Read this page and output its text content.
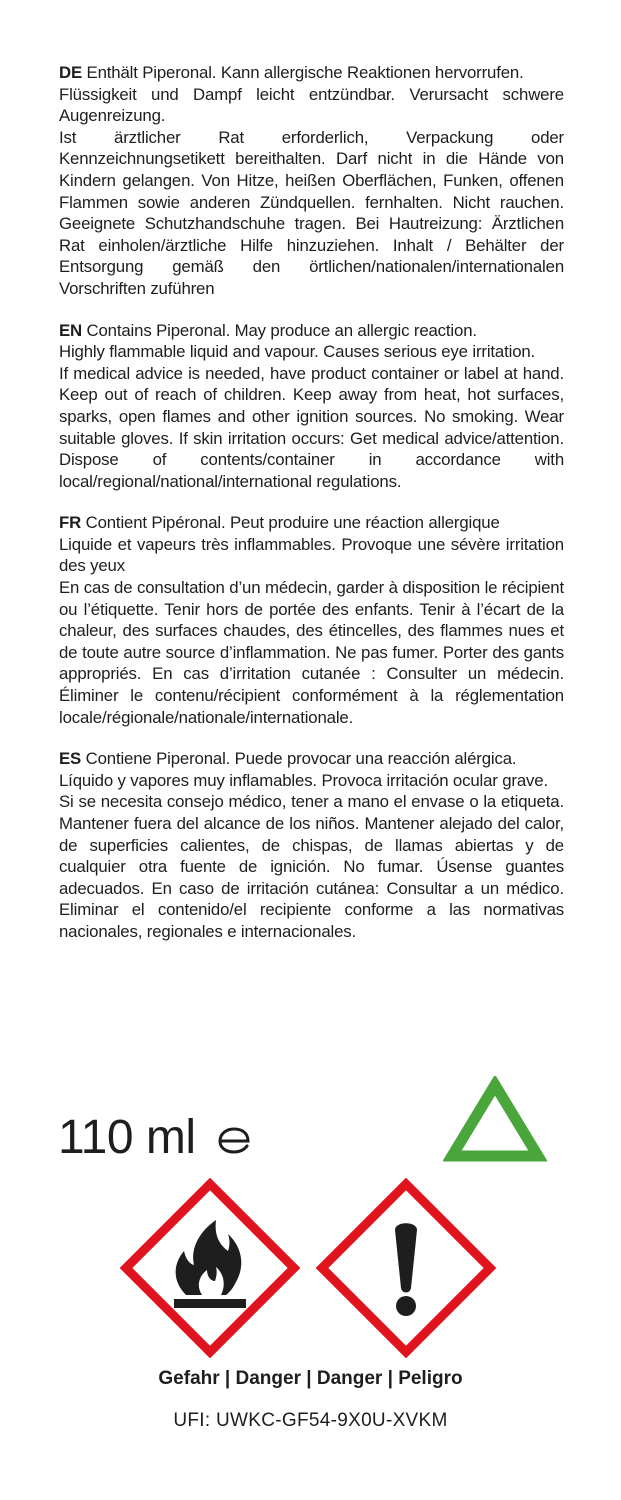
DE Enthält Piperonal. Kann allergische Reaktionen hervorrufen.

Flüssigkeit und Dampf leicht entzündbar. Verursacht schwere Augenreizung.

Ist ärztlicher Rat erforderlich, Verpackung oder Kennzeichnungsetikett bereithalten. Darf nicht in die Hände von Kindern gelangen. Von Hitze, heißen Oberflächen, Funken, offenen Flammen sowie anderen Zündquellen. fernhalten. Nicht rauchen. Geeignete Schutzhandschuhe tragen. Bei Hautreizung: Ärztlichen Rat einholen/ärztliche Hilfe hinzuziehen. Inhalt / Behälter der Entsorgung gemäß den örtlichen/nationalen/internationalen Vorschriften zuführen

EN Contains Piperonal. May produce an allergic reaction.

Highly flammable liquid and vapour. Causes serious eye irritation.

If medical advice is needed, have product container or label at hand. Keep out of reach of children. Keep away from heat, hot surfaces, sparks, open flames and other ignition sources. No smoking. Wear suitable gloves. If skin irritation occurs: Get medical advice/attention. Dispose of contents/container in accordance with local/regional/national/international regulations.

FR Contient Pipéronal. Peut produire une réaction allergique

Liquide et vapeurs très inflammables. Provoque une sévère irritation des yeux

En cas de consultation d’un médecin, garder à disposition le récipient ou l’étiquette. Tenir hors de portée des enfants. Tenir à l’écart de la chaleur, des surfaces chaudes, des étincelles, des flammes nues et de toute autre source d’inflammation. Ne pas fumer. Porter des gants appropriés. En cas d’irritation cutanée : Consulter un médecin. Éliminer le contenu/récipient conformément à la réglementation locale/régionale/nationale/internationale.

ES Contiene Piperonal. Puede provocar una reacción alérgica.

Líquido y vapores muy inflamables. Provoca irritación ocular grave.

Si se necesita consejo médico, tener a mano el envase o la etiqueta. Mantener fuera del alcance de los niños. Mantener alejado del calor, de superficies calientes, de chispas, de llamas abiertas y de cualquier otra fuente de ignición. No fumar. Úsense guantes adecuados. En caso de irritación cutánea: Consultar a un médico. Eliminar el contenido/el recipiente conforme a las normativas nacionales, regionales e internacionales.

110 ml
Gefahr | Danger | Danger | Peligro
UFI: UWKC-GF54-9X0U-XVKM
